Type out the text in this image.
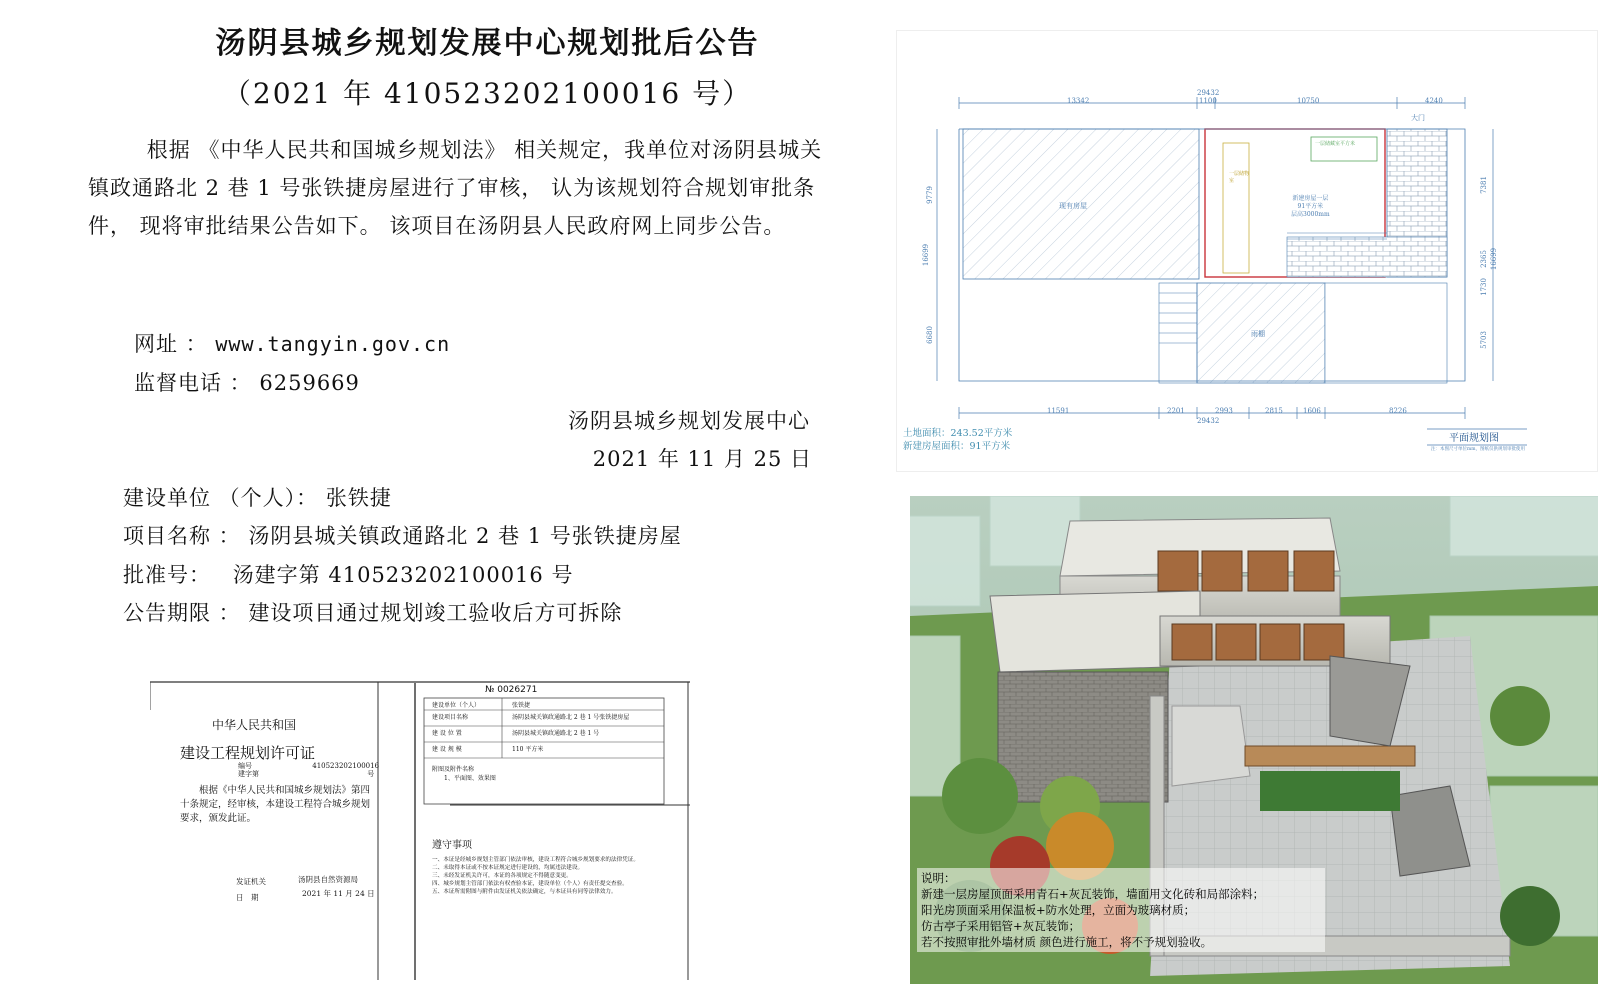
汤阴县城乡规划发展中心规划批后公告
（2021 年 410523202100016 号）
根据 《中华人民共和国城乡规划法》 相关规定，我单位对汤阴县城关镇政通路北 2 巷 1 号张铁捷房屋进行了审核， 认为该规划符合规划审批条件， 现将审批结果公告如下。 该项目在汤阴县人民政府网上同步公告。
网址 ： www.tangyin.gov.cn
监督电话 ： 6259669
汤阴县城乡规划发展中心
2021 年 11 月 25 日
建设单位 （个人）： 张铁捷
项目名称 ： 汤阴县城关镇政通路北 2 巷 1 号张铁捷房屋
批准号： 汤建字第 410523202100016 号
公告期限 ： 建设项目通过规划竣工验收后方可拆除
№ 0026271
中华人民共和国
建设工程规划许可证
编号	410523202100016
建字第	号
根据《中华人民共和国城乡规划法》第四十条规定，经审核，本建设工程符合城乡规划要求，颁发此证。
发证机关	汤阴县自然资源局
日　期	2021 年 11 月 24 日
建设单位（个人）	张铁捷
建设项目名称	汤阴县城关镇政通路北 2 巷 1 号张铁捷房屋
建 设 位 置	汤阴县城关镇政通路北 2 巷 1 号
建 设 规 模	110 平方米
附图及附件名称
1、平面图、效果图
遵守事项
一、本证是经城乡规划主管部门依法审核，建设工程符合城乡规划要求的法律凭证。
二、未取得本证或不按本证规定进行建设的，均属违法建设。
三、未经发证机关许可，本证的各项规定不得随意变更。
四、城乡规划主管部门依法有权查验本证，建设单位（个人）有责任提交查验。
五、本证所需附图与附件由发证机关依法确定，与本证具有同等法律效力。
29432
13342	1100	10750	4240
11591	2201	2993	2815	1606	8226
29432
9779
16699
6680
7381
2365
1730
16699
5703
大门
现有房屋
新建房屋一层
91平方米
层高3000mm
一层储物室
一层储藏室平方米
雨棚
土地面积：243.52平方米
新建房屋面积：91平方米
平面规划图
注：本图尺寸单位mm，图纸仅供规划审批使用
说明：
新建一层房屋顶面采用青石+灰瓦装饰，墙面用文化砖和局部涂料；
阳光房顶面采用保温板+防水处理，立面为玻璃材质；
仿古亭子采用铝管+灰瓦装饰；
若不按照审批外墙材质 颜色进行施工，将不予规划验收。
